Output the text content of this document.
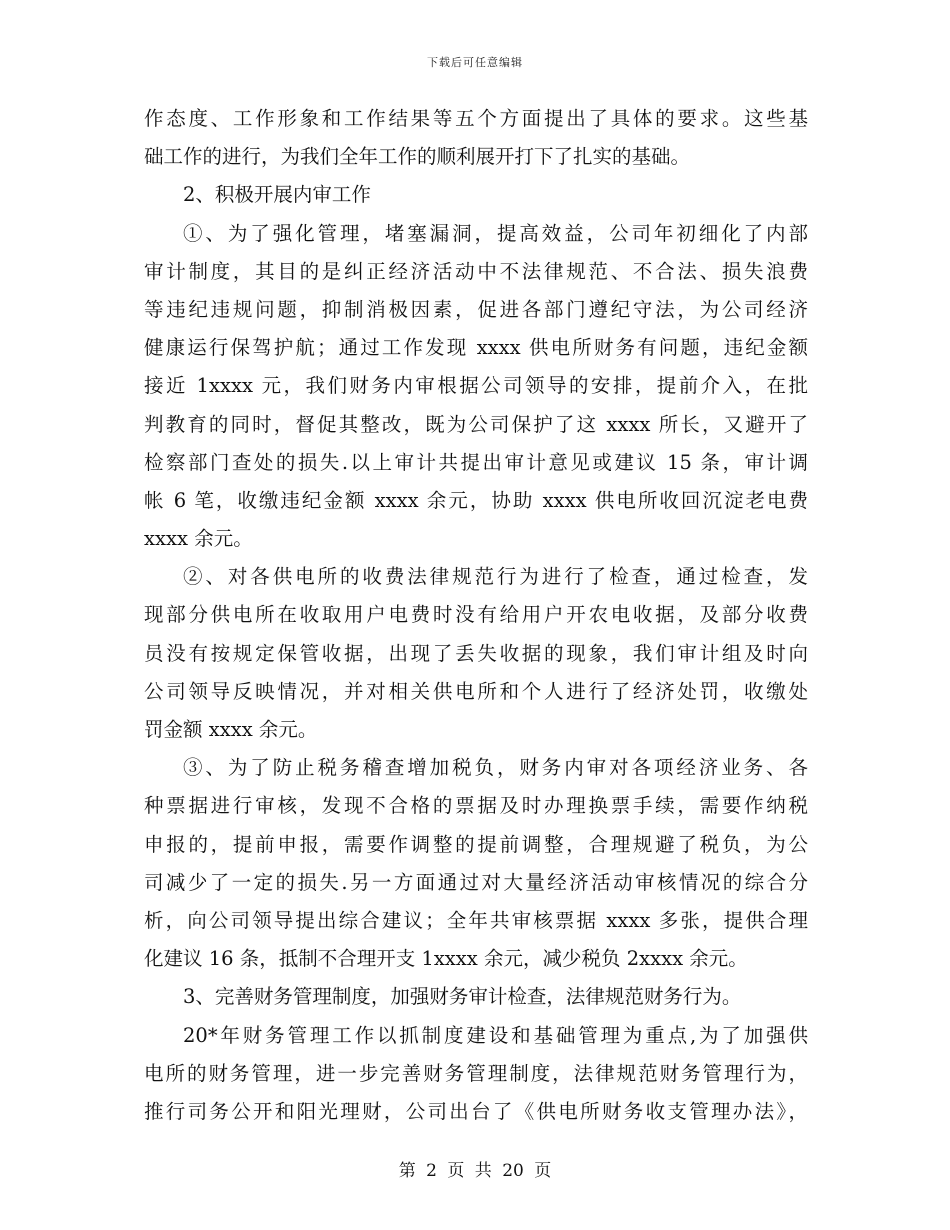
下载后可任意编辑
作态度、工作形象和工作结果等五个方面提出了具体的要求。这些基
础工作的进行，为我们全年工作的顺利展开打下了扎实的基础。
2、积极开展内审工作
①、为了强化管理，堵塞漏洞，提高效益，公司年初细化了内部
审计制度，其目的是纠正经济活动中不法律规范、不合法、损失浪费
等违纪违规问题，抑制消极因素，促进各部门遵纪守法，为公司经济
健康运行保驾护航；通过工作发现 xxxx 供电所财务有问题，违纪金额
接近 1xxxx 元，我们财务内审根据公司领导的安排，提前介入，在批
判教育的同时，督促其整改，既为公司保护了这 xxxx 所长，又避开了
检察部门查处的损失.以上审计共提出审计意见或建议 15 条，审计调
帐 6 笔，收缴违纪金额 xxxx 余元，协助 xxxx 供电所收回沉淀老电费
xxxx 余元。
②、对各供电所的收费法律规范行为进行了检查，通过检查，发
现部分供电所在收取用户电费时没有给用户开农电收据，及部分收费
员没有按规定保管收据，出现了丢失收据的现象，我们审计组及时向
公司领导反映情况，并对相关供电所和个人进行了经济处罚，收缴处
罚金额 xxxx 余元。
③、为了防止税务稽查增加税负，财务内审对各项经济业务、各
种票据进行审核，发现不合格的票据及时办理换票手续，需要作纳税
申报的，提前申报，需要作调整的提前调整，合理规避了税负，为公
司减少了一定的损失.另一方面通过对大量经济活动审核情况的综合分
析，向公司领导提出综合建议；全年共审核票据 xxxx 多张，提供合理
化建议 16 条，抵制不合理开支 1xxxx 余元，减少税负 2xxxx 余元。
3、完善财务管理制度，加强财务审计检查，法律规范财务行为。
20*年财务管理工作以抓制度建设和基础管理为重点,为了加强供
电所的财务管理，进一步完善财务管理制度，法律规范财务管理行为，
推行司务公开和阳光理财，公司出台了《供电所财务收支管理办法》，
第 2 页 共 20 页
